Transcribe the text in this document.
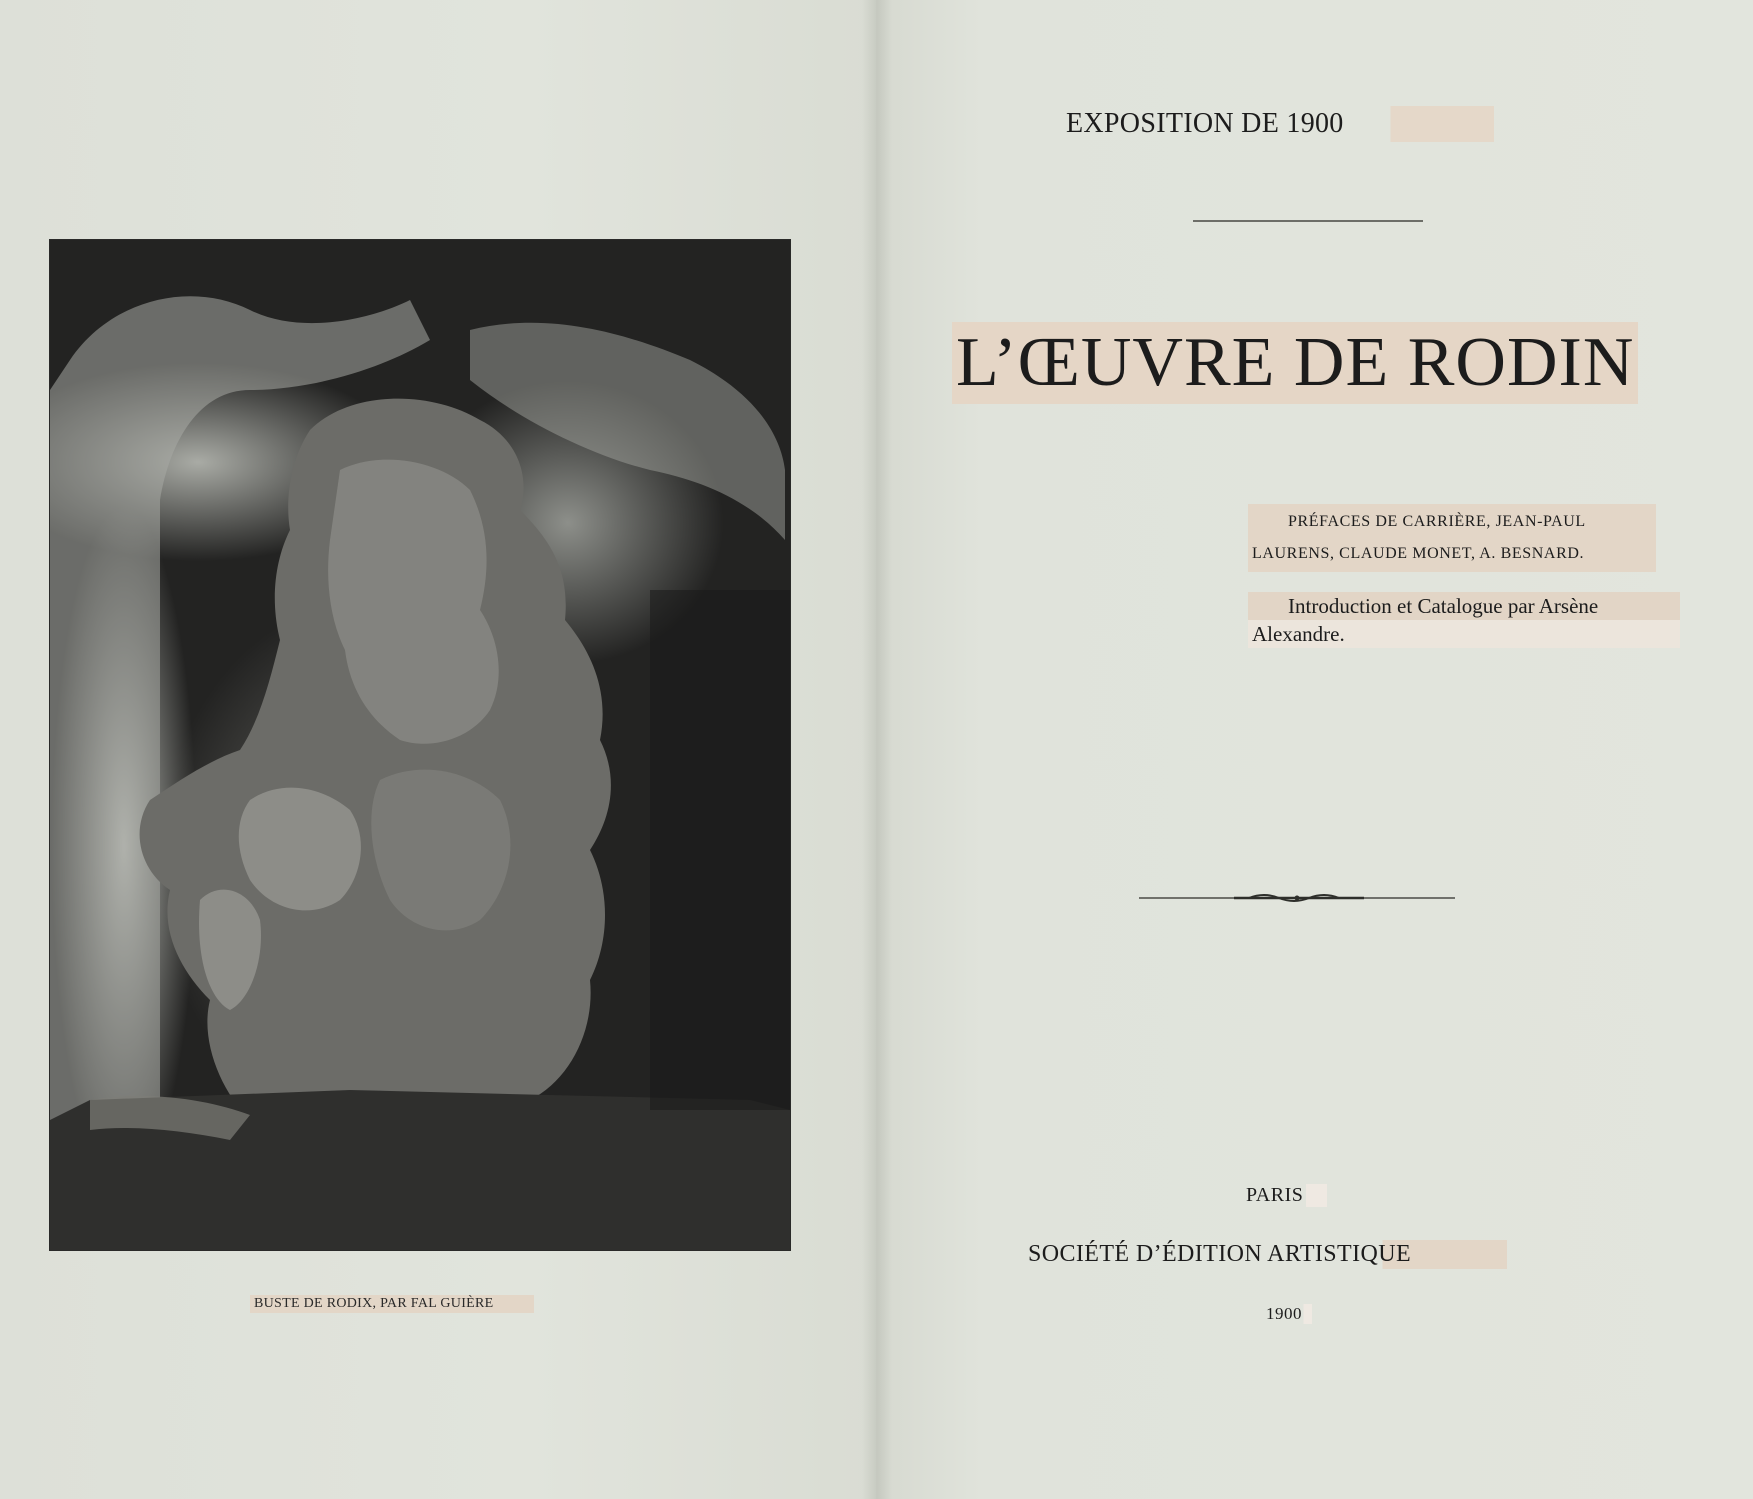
BUSTE DE RODIX, PAR FAL GUIÈRE
EXPOSITION DE 1900
L’ŒUVRE DE RODIN
PRÉFACES DE CARRIÈRE, JEAN-PAUL LAURENS, CLAUDE MONET, A. BESNARD.
Introduction et Catalogue par Arsène Alexandre.
PARIS
SOCIÉTÉ D’ÉDITION ARTISTIQUE
1900
